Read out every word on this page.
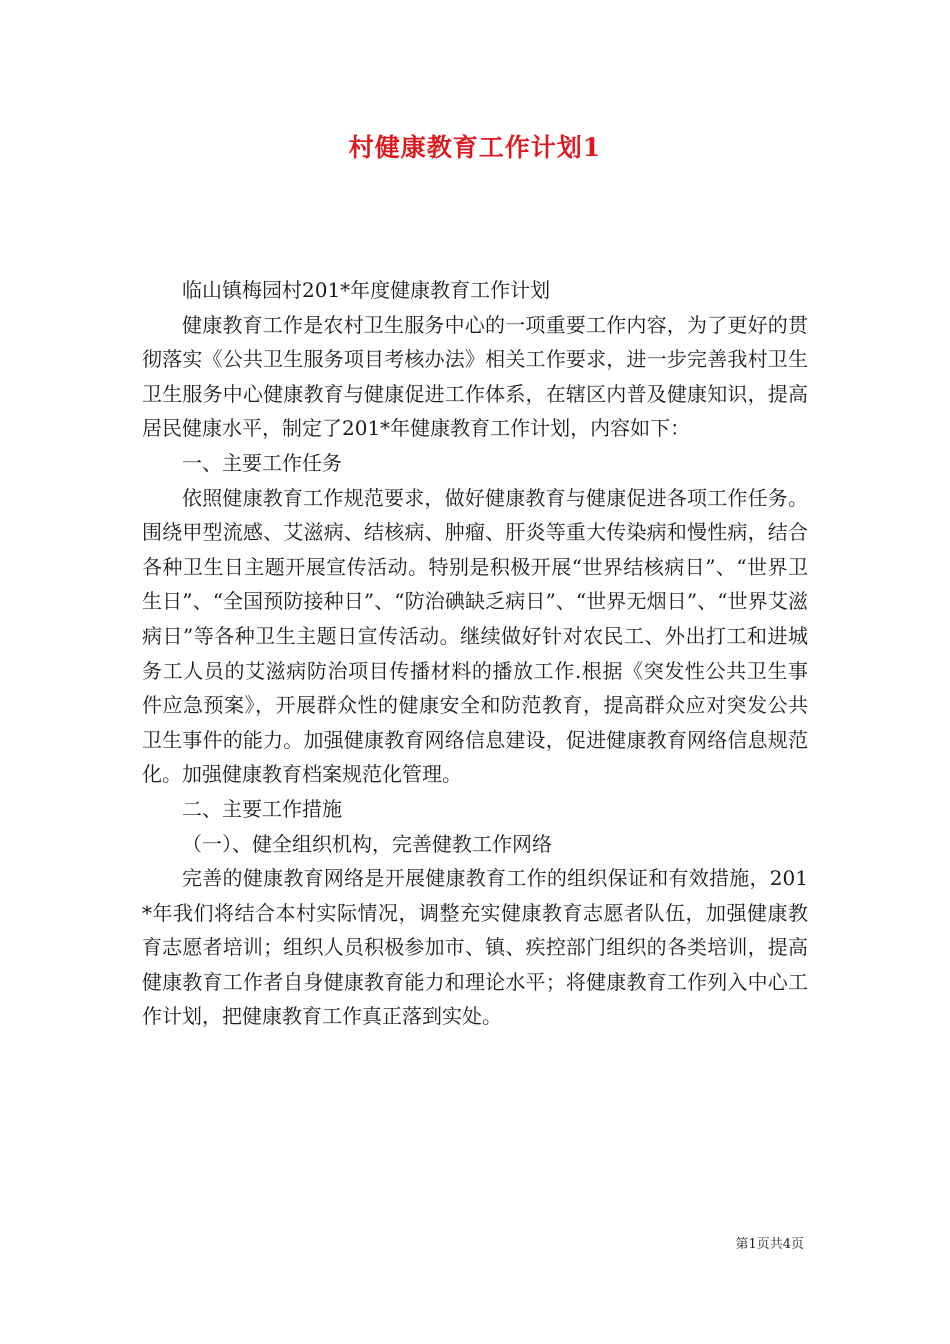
村健康教育工作计划1

临山镇梅园村201*年度健康教育工作计划

健康教育工作是农村卫生服务中心的一项重要工作内容，为了更好的贯彻落实《公共卫生服务项目考核办法》相关工作要求，进一步完善我村卫生卫生服务中心健康教育与健康促进工作体系，在辖区内普及健康知识，提高居民健康水平，制定了201*年健康教育工作计划，内容如下：

一、主要工作任务

依照健康教育工作规范要求，做好健康教育与健康促进各项工作任务。围绕甲型流感、艾滋病、结核病、肿瘤、肝炎等重大传染病和慢性病，结合各种卫生日主题开展宣传活动。特别是积极开展“世界结核病日”、“世界卫生日”、“全国预防接种日”、“防治碘缺乏病日”、“世界无烟日”、“世界艾滋病日”等各种卫生主题日宣传活动。继续做好针对农民工、外出打工和进城务工人员的艾滋病防治项目传播材料的播放工作.根据《突发性公共卫生事件应急预案》，开展群众性的健康安全和防范教育，提高群众应对突发公共卫生事件的能力。加强健康教育网络信息建设，促进健康教育网络信息规范化。加强健康教育档案规范化管理。

二、主要工作措施

（一）、健全组织机构，完善健教工作网络

完善的健康教育网络是开展健康教育工作的组织保证和有效措施，201*年我们将结合本村实际情况，调整充实健康教育志愿者队伍，加强健康教育志愿者培训；组织人员积极参加市、镇、疾控部门组织的各类培训，提高健康教育工作者自身健康教育能力和理论水平；将健康教育工作列入中心工作计划，把健康教育工作真正落到实处。

第1页共4页
